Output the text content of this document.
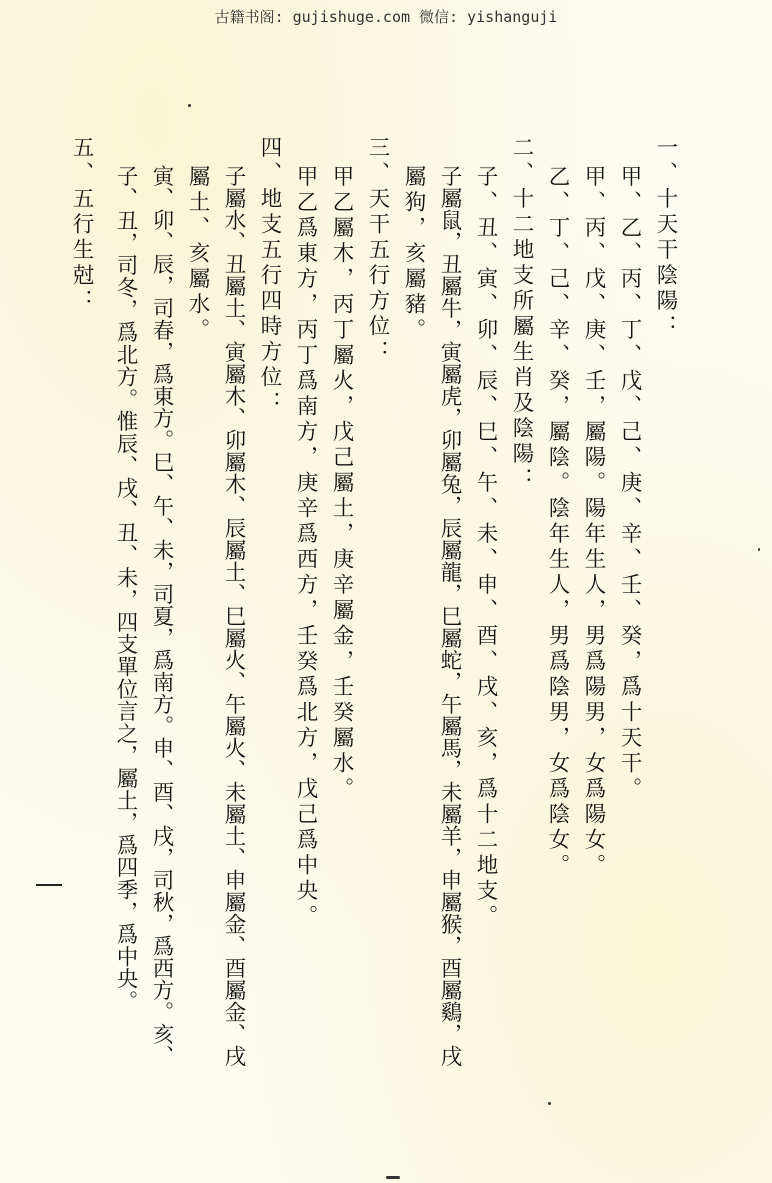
古籍书阁: gujishuge.com 微信: yishanguji
一、十天干陰陽：
甲、乙、丙、丁、戊、己、庚、辛、壬、癸，爲十天干。
甲、丙、戊、庚、壬，屬陽。陽年生人，男爲陽男，女爲陽女。
乙、丁、己、辛、癸，屬陰。陰年生人，男爲陰男，女爲陰女。
二、十二地支所屬生肖及陰陽：
子、丑、寅、卯、辰、巳、午、未、申、酉、戌、亥，爲十二地支。
子屬鼠，丑屬牛，寅屬虎，卯屬兔，辰屬龍，巳屬蛇，午屬馬，未屬羊，申屬猴，酉屬鷄，戌
屬狗，亥屬豬。
三、天干五行方位：
甲乙屬木，丙丁屬火，戊己屬土，庚辛屬金，壬癸屬水。
甲乙爲東方，丙丁爲南方，庚辛爲西方，壬癸爲北方，戊己爲中央。
四、地支五行四時方位：
子屬水、丑屬土、寅屬木、卯屬木、辰屬土、巳屬火、午屬火、未屬土、申屬金、酉屬金、戌
屬土、亥屬水。
寅、卯、辰，司春，爲東方。巳、午、未，司夏，爲南方。申、酉、戌，司秋，爲西方。亥、
子、丑，司冬，爲北方。惟辰、戌、丑、未，四支單位言之，屬土，爲四季，爲中央。
五、五行生尅：
